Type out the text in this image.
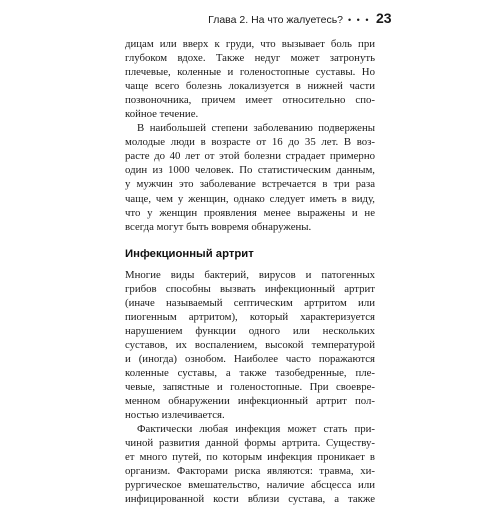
Глава 2. На что жалуетесь? • • • 23
дицам или вверх к груди, что вызывает боль при
глубоком вдохе. Также недуг может затронуть
плечевые, коленные и голеностопные суставы. Но
чаще всего болезнь локализуется в нижней части
позвоночника, причем имеет относительно спо-
койное течение.
В наибольшей степени заболеванию подвержены
молодые люди в возрасте от 16 до 35 лет. В воз-
расте до 40 лет от этой болезни страдает примерно
один из 1000 человек. По статистическим данным,
у мужчин это заболевание встречается в три раза
чаще, чем у женщин, однако следует иметь в виду,
что у женщин проявления менее выражены и не
всегда могут быть вовремя обнаружены.
Инфекционный артрит
Многие виды бактерий, вирусов и патогенных
грибов способны вызвать инфекционный артрит
(иначе называемый септическим артритом или
пиогенным артритом), который характеризуется
нарушением функции одного или нескольких
суставов, их воспалением, высокой температурой
и (иногда) ознобом. Наиболее часто поражаются
коленные суставы, а также тазобедренные, пле-
чевые, запястные и голеностопные. При своевре-
менном обнаружении инфекционный артрит пол-
ностью излечивается.
Фактически любая инфекция может стать при-
чиной развития данной формы артрита. Существу-
ет много путей, по которым инфекция проникает в
организм. Факторами риска являются: травма, хи-
рургическое вмешательство, наличие абсцесса или
инфицированной кости вблизи сустава, а также
